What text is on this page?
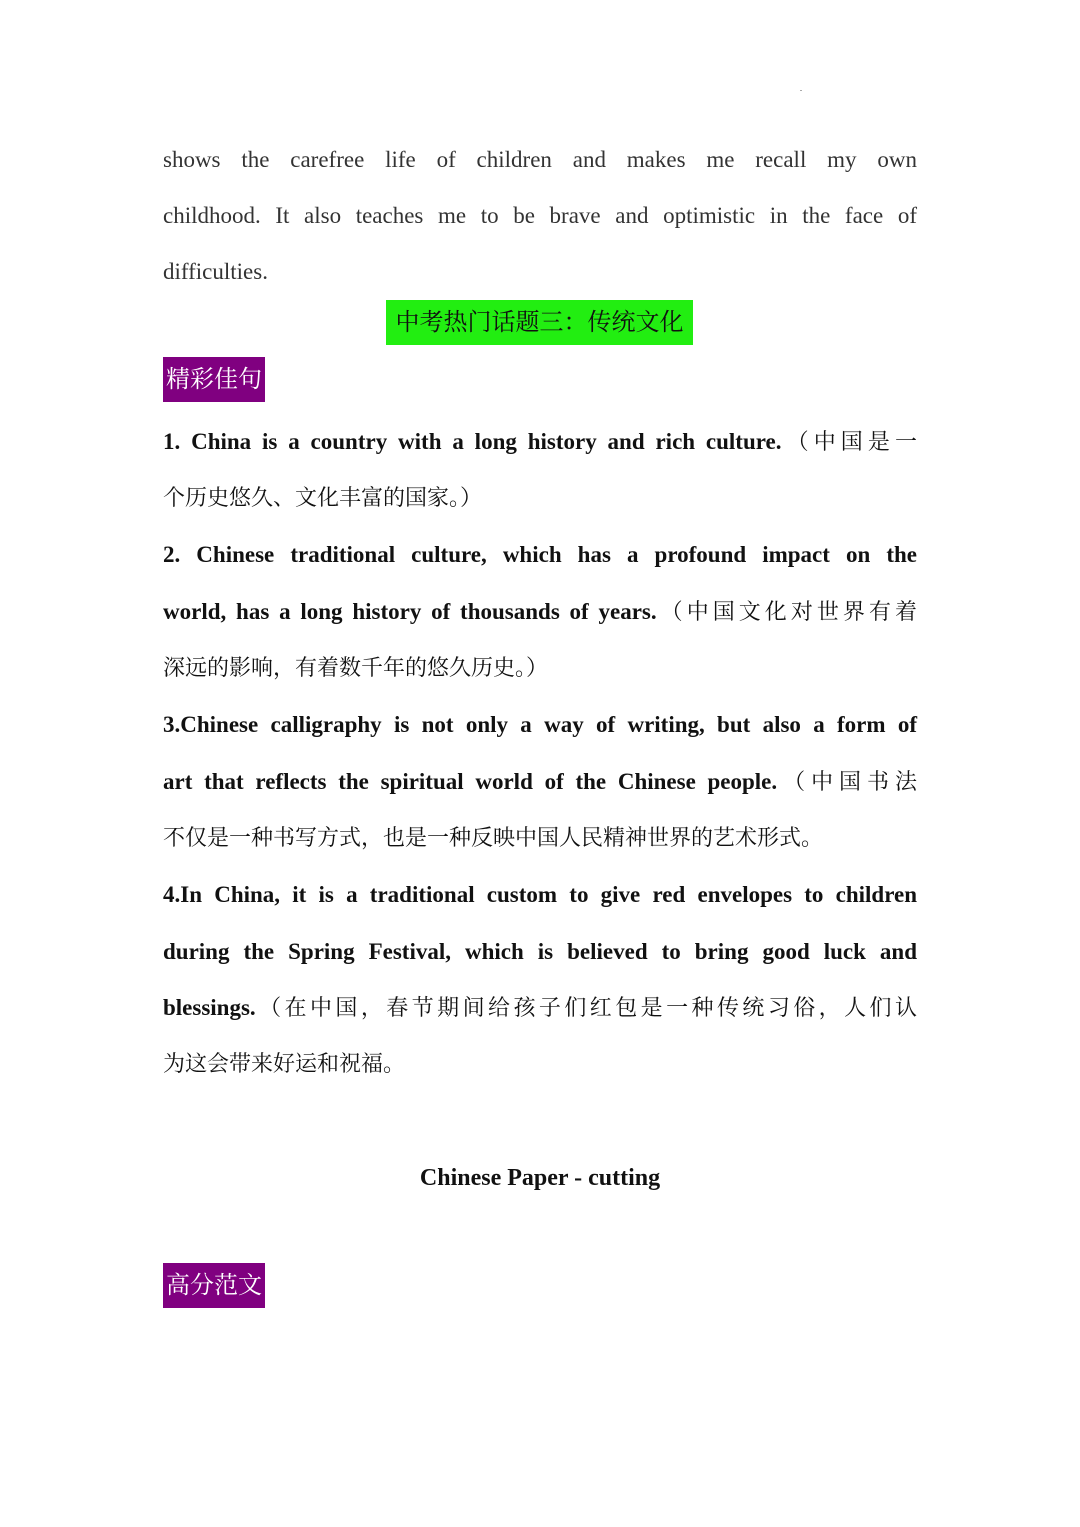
shows the carefree life of children and makes me recall my own
childhood. It also teaches me to be brave and optimistic in the face of
difficulties.
中考热门话题三：传统文化
精彩佳句
1. China is a country with a long history and rich culture.（中国是一
个历史悠久、文化丰富的国家。）
2. Chinese traditional culture, which has a profound impact on the
world, has a long history of thousands of years.（中国文化对世界有着
深远的影响，有着数千年的悠久历史。）
3.Chinese calligraphy is not only a way of writing, but also a form of
art that reflects the spiritual world of the Chinese people.（中国书法
不仅是一种书写方式，也是一种反映中国人民精神世界的艺术形式。
4.In China, it is a traditional custom to give red envelopes to children
during the Spring Festival, which is believed to bring good luck and
blessings.（在中国，春节期间给孩子们红包是一种传统习俗，人们认
为这会带来好运和祝福。
Chinese Paper - cutting
高分范文
